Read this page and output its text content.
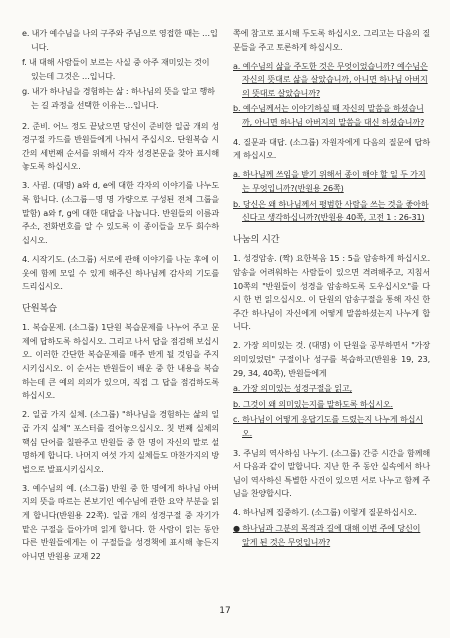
e. 내가 예수님을 나의 구주와 주님으로 영접한 때는 …입니다.

f. 내 대해 사람들이 보르는 사실 중 아주 재미있는 것이 있는데 그것은 …입니다.

g. 내가 하나님을 경험하는 삶 : 하나님의 뜻을 알고 행하는 길 과정을 선택한 이유는…입니다.

2. 준비. 어느 정도 끝났으면 당신이 준비한 일곱 개의 성경구절 카드를 반원들에게 나눠서 주십시오. 단원복습 시간의 세번째 순서를 위해서 각자 성경본문을 찾아 표시해 놓도록 하십시오.

3. 사귐. (대명) a와 d, e에 대한 각자의 이야기를 나누도록 합니다. (소그룹－명 명 가량으로 구성된 전체 그룹을 말함) a와 f, g에 대한 대답을 나눕니다. 반원들의 이름과 주소, 전화번호를 알 수 있도록 이 종이들을 모두 회수하십시오.

4. 시작기도. (소그룹) 서로에 관해 이야기를 나눈 후에 이웃에 함께 모일 수 있게 해주신 하나님께 감사의 기도를 드리십시오.

단원복습

1. 복습문제. (소그룹) 1단원 복습문제를 나누어 주고 문제에 답하도록 하십시오. 그리고 나서 답을 점검해 보십시오. 이러한 간단한 복습문제를 매주 반게 될 것임을 주지시키십시오. 이 순서는 반원들이 배운 중 한 내용을 복습하는데 큰 예의 의의가 있으며, 직접 그 답을 점검하도록 하십시오.

2. 일곱 가지 실체. (소그룹) "하나님을 경험하는 삶의 일곱 가지 실체" 포스터를 걸어놓으십시오. 칫 번째 실체의 핵심 단어를 칠판주고 반원들 중 한 명이 자신의 말로 설명하게 합니다. 나머지 여섯 가지 실체들도 마찬가지의 방법으로 발표시키십시오.

3. 예수님의 예. (소그룹) 반원 중 한 명에게 하나님 아버지의 뜻을 따르는 본보기인 예수님에 관한 요약 부분을 읽게 합니다(반원용 22쪽). 일곱 개의 성경구절 중 자기가 맡은 구절을 들아가며 읽게 합니다. 한 사람이 읽는 동안 다른 반원들에게는 이 구절들을 성경책에 표시해 놓든지 아니면 반원용 교재 22

쪽에 참고로 표시해 두도록 하십시오. 그리고는 다음의 질문들을 주고 토론하게 하십시오.

a. 예수님의 삶을 주도한 것은 무엇이었습니까? 예수님은 자신의 뜻대로 삶을 살았습니까, 아니면 하나님 아버지의 뜻대로 살았습니까?

b. 예수님께서는 이야기하실 때 자신의 말씀을 하셨습니까, 아니면 하나님 아버지의 말씀을 대신 하셨습니까?

4. 질문과 대답. (소그룹) 자원자에게 다음의 질문에 답하게 하십시오.

a. 하나님께 쓰임을 받기 위해서 종이 해야 할 일 두 가지는 무엇입니까?(반원용 26쪽)

b. 당신은 왜 하나님께서 평범한 사람을 쓰는 것을 좋아하신다고 생각하십니까?(반원용 40쪽, 고전 1 : 26-31)

나눔의 시간

1. 성경암송. (짝) 요한복음 15 : 5을 암송하게 하십시오. 암송을 어려워하는 사람들이 있으면 격려해주고, 지침서 10쪽의 "반원들이 성경을 암송하도록 도우십시오"를 다시 한 번 읽으십시오. 이 단원의 암송구절을 통해 자신 한 주간 하나님이 자신에게 어떻게 말씀하셨는지 나누게 합니다.

2. 가장 의미있는 것. (대명) 이 단원을 공부하면서 "가장 의미있었던" 구절이나 성구를 복습하고(반원용 19, 23, 29, 34, 40쪽), 반원들에게

a. 가장 의미있는 성경구절을 읽고,

b. 그것이 왜 의미있는지를 말하도록 하십시오.

c. 하나님이 어떻게 응답기도를 드렸는지 나누게 하십시오.

3. 주님의 역사하심 나누기. (소그룹) 간증 시간을 함께해서 다음과 같이 말합니다. 지난 한 주 동안 실속에서 하나님이 역사하신 특별한 사건이 있으면 서로 나누고 함께 주님을 찬양합시다.

4. 하나님께 집중하기. (소그룹) 이렇게 질문하십시오.

● 하나님과 그분의 목적과 길에 대해 이번 주에 당신이 알게 된 것은 무엇입니까?

17
